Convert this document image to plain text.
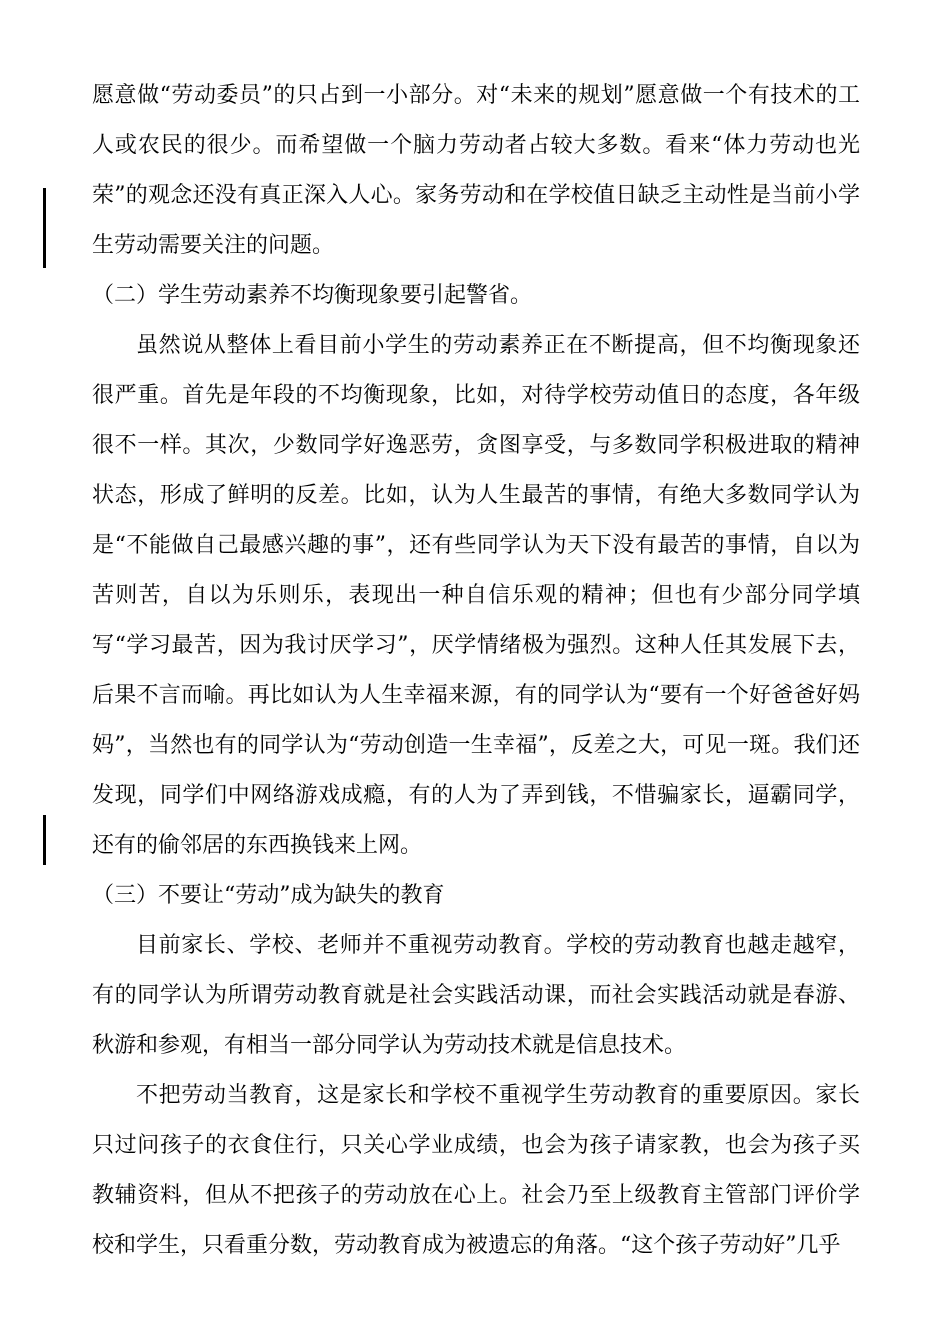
愿意做“劳动委员”的只占到一小部分。对“未来的规划”愿意做一个有技术的工人或农民的很少。而希望做一个脑力劳动者占较大多数。看来“体力劳动也光荣”的观念还没有真正深入人心。家务劳动和在学校值日缺乏主动性是当前小学生劳动需要关注的问题。

（二）学生劳动素养不均衡现象要引起警省。

虽然说从整体上看目前小学生的劳动素养正在不断提高，但不均衡现象还很严重。首先是年段的不均衡现象，比如，对待学校劳动值日的态度，各年级很不一样。其次，少数同学好逸恶劳，贪图享受，与多数同学积极进取的精神状态，形成了鲜明的反差。比如，认为人生最苦的事情，有绝大多数同学认为是“不能做自己最感兴趣的事”，还有些同学认为天下没有最苦的事情，自以为苦则苦，自以为乐则乐，表现出一种自信乐观的精神；但也有少部分同学填写“学习最苦，因为我讨厌学习”，厌学情绪极为强烈。这种人任其发展下去，后果不言而喻。再比如认为人生幸福来源，有的同学认为“要有一个好爸爸好妈妈”，当然也有的同学认为“劳动创造一生幸福”，反差之大，可见一斑。我们还发现，同学们中网络游戏成瘾，有的人为了弄到钱，不惜骗家长，逼霸同学，还有的偷邻居的东西换钱来上网。

（三）不要让“劳动”成为缺失的教育

目前家长、学校、老师并不重视劳动教育。学校的劳动教育也越走越窄，有的同学认为所谓劳动教育就是社会实践活动课，而社会实践活动就是春游、秋游和参观，有相当一部分同学认为劳动技术就是信息技术。

不把劳动当教育，这是家长和学校不重视学生劳动教育的重要原因。家长只过问孩子的衣食住行，只关心学业成绩，也会为孩子请家教，也会为孩子买教辅资料，但从不把孩子的劳动放在心上。社会乃至上级教育主管部门评价学校和学生，只看重分数，劳动教育成为被遗忘的角落。“这个孩子劳动好”几乎
